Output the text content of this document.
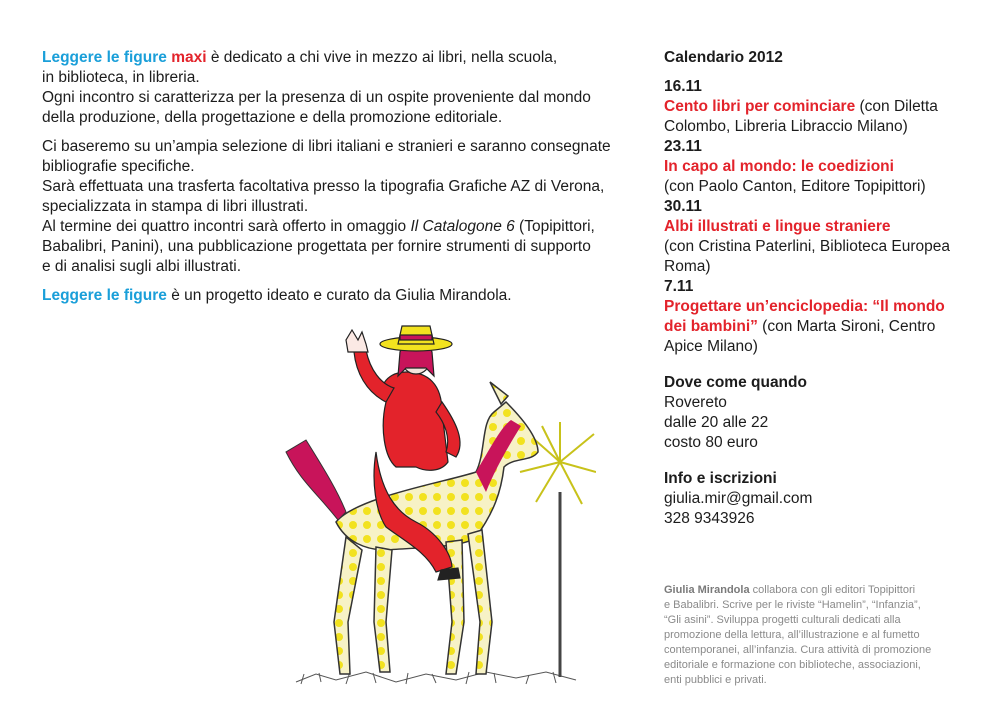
Leggere le figure maxi è dedicato a chi vive in mezzo ai libri, nella scuola,
in biblioteca, in libreria.
Ogni incontro si caratterizza per la presenza di un ospite proveniente dal mondo
della produzione, della progettazione e della promozione editoriale.

Ci baseremo su un’ampia selezione di libri italiani e stranieri e saranno consegnate
bibliografie specifiche.
Sarà effettuata una trasferta facoltativa presso la tipografia Grafiche AZ di Verona,
specializzata in stampa di libri illustrati.
Al termine dei quattro incontri sarà offerto in omaggio Il Catalogone 6 (Topipittori,
Babalibri, Panini), una pubblicazione progettata per fornire strumenti di supporto
e di analisi sugli albi illustrati.

Leggere le figure è un progetto ideato e curato da Giulia Mirandola.

Calendario 2012
16.11
Cento libri per cominciare (con Diletta
Colombo, Libreria Libraccio Milano)
23.11
In capo al mondo: le coedizioni
(con Paolo Canton, Editore Topipittori)
30.11
Albi illustrati e lingue straniere
(con Cristina Paterlini, Biblioteca Europea
Roma)
7.11
Progettare un’enciclopedia: “Il mondo
dei bambini” (con Marta Sironi, Centro
Apice Milano)
Dove come quando
Rovereto
dalle 20 alle 22
costo 80 euro
Info e iscrizioni
giulia.mir@gmail.com
328 9343926
Giulia Mirandola collabora con gli editori Topipittori
e Babalibri. Scrive per le riviste “Hamelin”, “Infanzia”,
“Gli asini”. Sviluppa progetti culturali dedicati alla
promozione della lettura, all’illustrazione e al fumetto
contemporanei, all’infanzia. Cura attività di promozione
editoriale e formazione con biblioteche, associazioni,
enti pubblici e privati.
